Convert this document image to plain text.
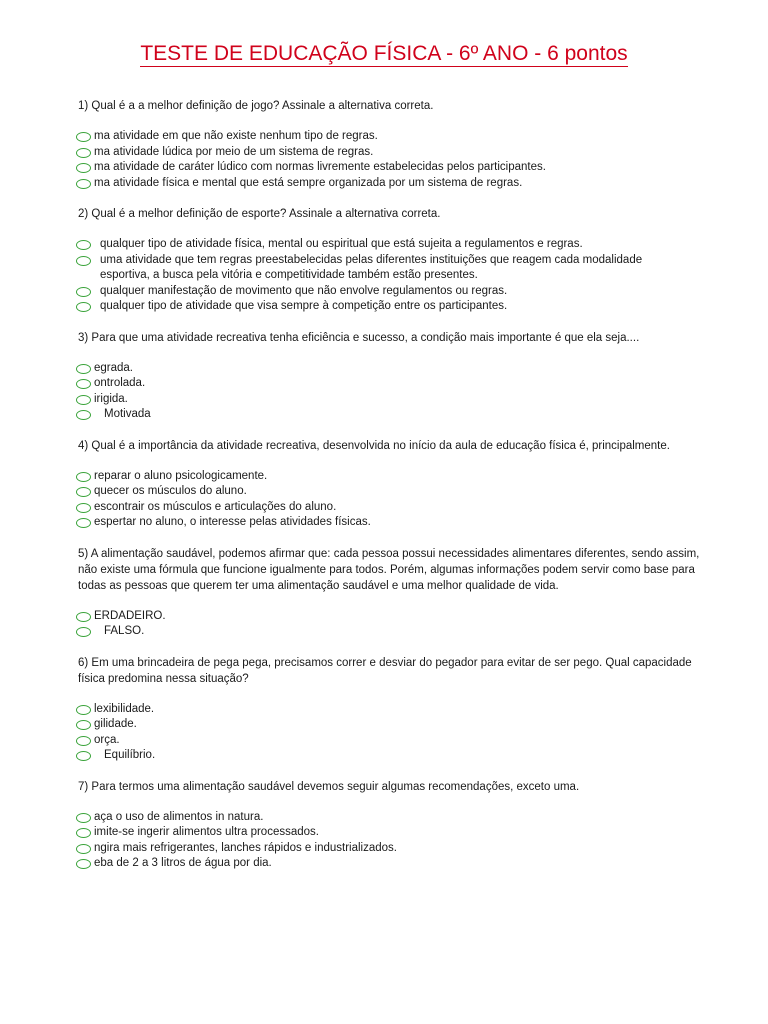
TESTE DE EDUCAÇÃO FÍSICA - 6º ANO - 6 pontos

1) Qual é a a melhor definição de jogo? Assinale a alternativa correta.

ma atividade em que não existe nenhum tipo de regras.
ma atividade lúdica por meio de um sistema de regras.
ma atividade de caráter lúdico com normas livremente estabelecidas pelos participantes.
ma atividade física e mental que está sempre organizada por um sistema de regras.

2) Qual é a melhor definição de esporte? Assinale a alternativa correta.

qualquer tipo de atividade física, mental ou espiritual que está sujeita a regulamentos e regras.
uma atividade que tem regras preestabelecidas pelas diferentes instituições que reagem cada modalidade
esportiva, a busca pela vitória e competitividade também estão presentes.
qualquer manifestação de movimento que não envolve regulamentos ou regras.
qualquer tipo de atividade que visa sempre à competição entre os participantes.

3) Para que uma atividade recreativa tenha eficiência e sucesso, a condição mais importante é que ela seja....

egrada.
ontrolada.
irigida.
Motivada

4) Qual é a importância da atividade recreativa, desenvolvida no início da aula de educação física é, principalmente.

reparar o aluno psicologicamente.
quecer os músculos do aluno.
escontrair os músculos e articulações do aluno.
espertar no aluno, o interesse pelas atividades físicas.

5) A alimentação saudável, podemos afirmar que: cada pessoa possui necessidades alimentares diferentes, sendo assim, não existe uma fórmula que funcione igualmente para todos. Porém, algumas informações podem servir como base para todas as pessoas que querem ter uma alimentação saudável e uma melhor qualidade de vida.

ERDADEIRO.
FALSO.

6) Em uma brincadeira de pega pega, precisamos correr e desviar do pegador para evitar de ser pego. Qual capacidade física predomina nessa situação?

lexibilidade.
gilidade.
orça.
Equilíbrio.

7) Para termos uma alimentação saudável devemos seguir algumas recomendações, exceto uma.

aça o uso de alimentos in natura.
imite-se ingerir alimentos ultra processados.
ngira mais refrigerantes, lanches rápidos e industrializados.
eba de 2 a 3 litros de água por dia.
